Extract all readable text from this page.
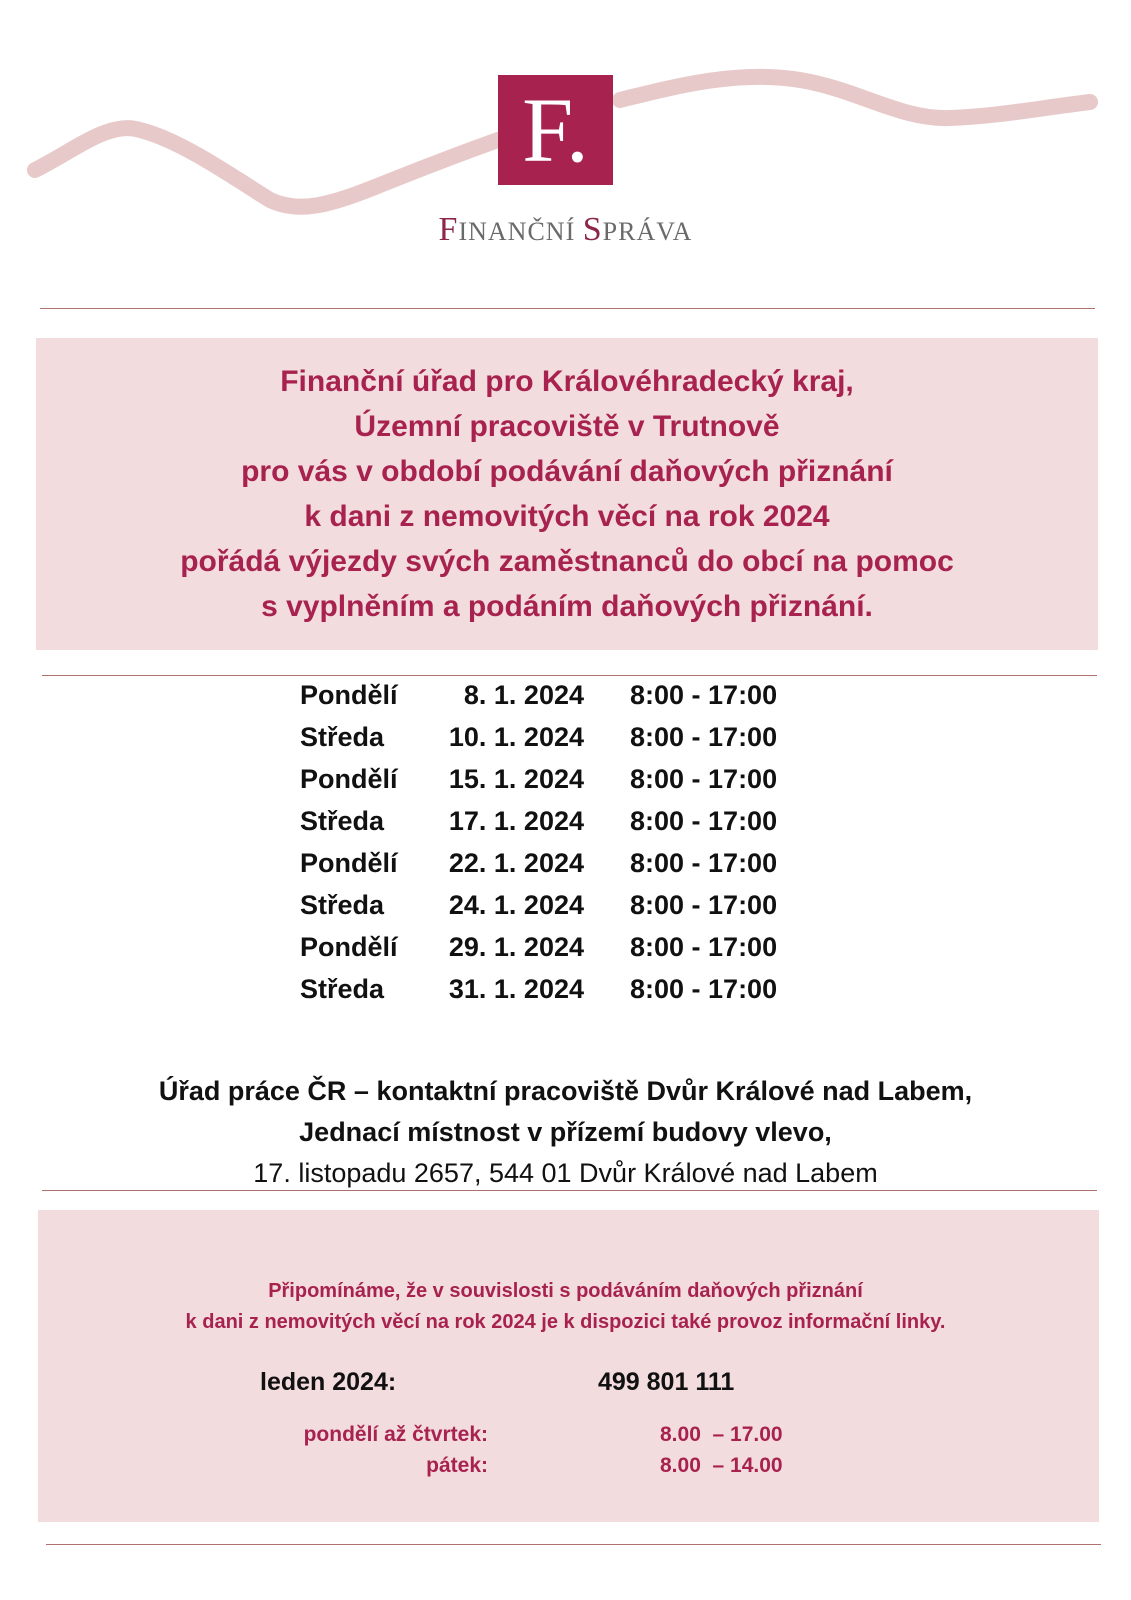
F.
FINANČNÍ SPRÁVA
Finanční úřad pro Královéhradecký kraj,
Územní pracoviště v Trutnově
pro vás v období podávání daňových přiznání
k dani z nemovitých věcí na rok 2024
pořádá výjezdy svých zaměstnanců do obcí na pomoc
s vyplněním a podáním daňových přiznání.
Pondělí	8. 1. 2024 8:00 - 17:00
Středa	10. 1. 2024 8:00 - 17:00
Pondělí	15. 1. 2024 8:00 - 17:00
Středa	17. 1. 2024 8:00 - 17:00
Pondělí	22. 1. 2024 8:00 - 17:00
Středa	24. 1. 2024 8:00 - 17:00
Pondělí	29. 1. 2024 8:00 - 17:00
Středa	31. 1. 2024 8:00 - 17:00
Úřad práce ČR – kontaktní pracoviště Dvůr Králové nad Labem,
Jednací místnost v přízemí budovy vlevo,
17. listopadu 2657, 544 01 Dvůr Králové nad Labem
Připomínáme, že v souvislosti s podáváním daňových přiznání
k dani z nemovitých věcí na rok 2024 je k dispozici také provoz informační linky.
leden 2024:	499 801 111
pondělí až čtvrtek:	8.00  – 17.00
pátek:	8.00  – 14.00
